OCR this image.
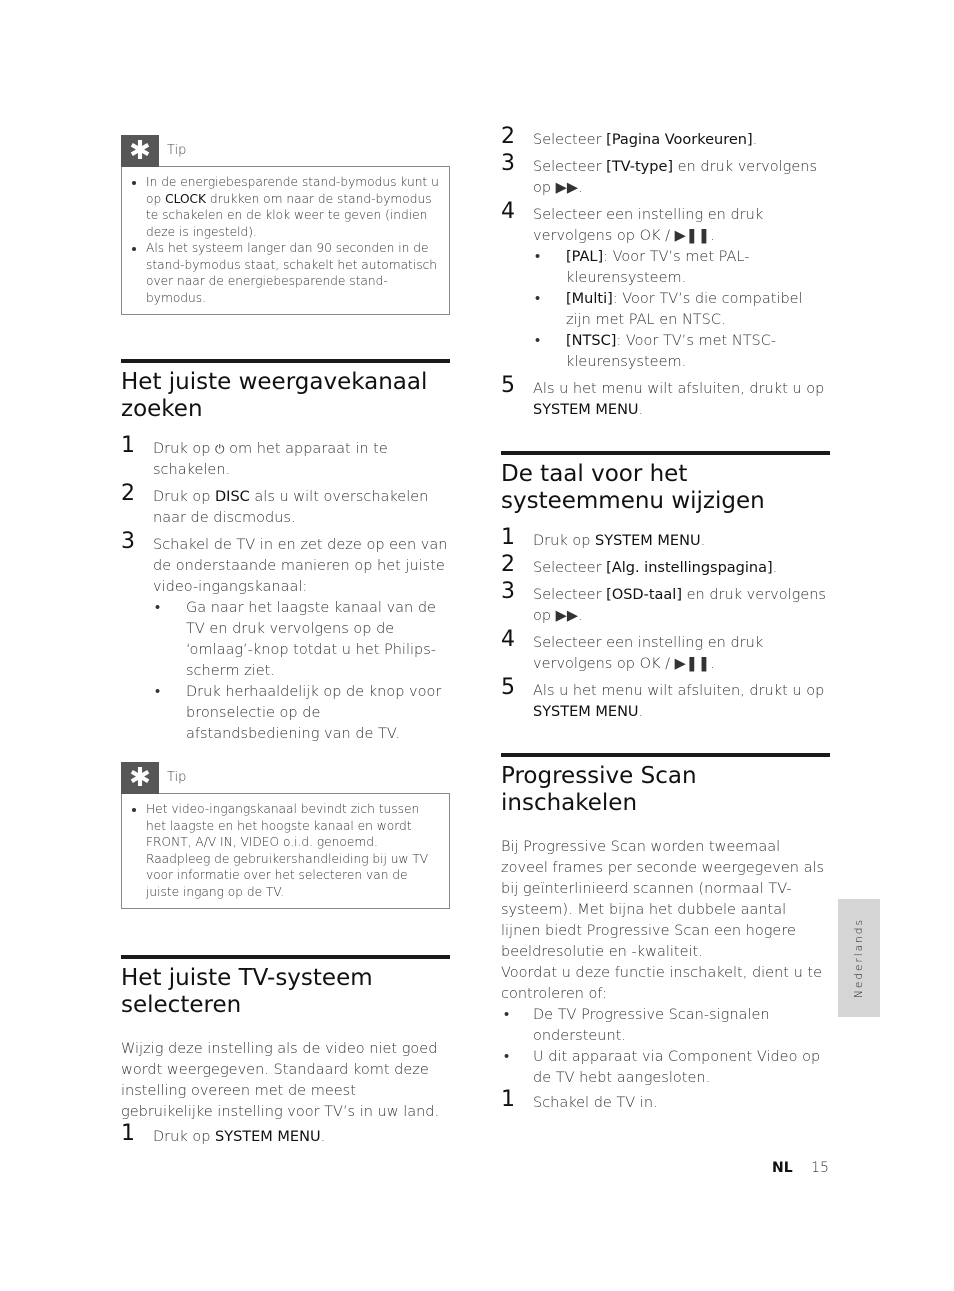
✱	Tip
• In de energiebesparende stand-bymodus kunt u op CLOCK drukken om naar de stand-bymodus te schakelen en de klok weer te geven (indien deze is ingesteld).
• Als het systeem langer dan 90 seconden in de stand-bymodus staat, schakelt het automatisch over naar de energiebesparende stand-bymodus.
Het juiste weergavekanaal zoeken
1 Druk op ⏻ om het apparaat in te schakelen.
2 Druk op DISC als u wilt overschakelen naar de discmodus.
3 Schakel de TV in en zet deze op een van de onderstaande manieren op het juiste video-ingangskanaal:
• Ga naar het laagste kanaal van de TV en druk vervolgens op de ‘omlaag’-knop totdat u het Philips-scherm ziet.
• Druk herhaaldelijk op de knop voor bronselectie op de afstandsbediening van de TV.
✱	Tip
• Het video-ingangskanaal bevindt zich tussen het laagste en het hoogste kanaal en wordt FRONT, A/V IN, VIDEO o.i.d. genoemd. Raadpleeg de gebruikershandleiding bij uw TV voor informatie over het selecteren van de juiste ingang op de TV.
Het juiste TV-systeem selecteren

Wijzig deze instelling als de video niet goed wordt weergegeven. Standaard komt deze instelling overeen met de meest gebruikelijke instelling voor TV’s in uw land.

1 Druk op SYSTEM MENU.
2 Selecteer [Pagina Voorkeuren].
3 Selecteer [TV-type] en druk vervolgens op ▶▶.
4 Selecteer een instelling en druk vervolgens op OK / ▶❚❚.
• [PAL]: Voor TV’s met PAL-kleurensysteem.
• [Multi]: Voor TV’s die compatibel zijn met PAL en NTSC.
• [NTSC]: Voor TV’s met NTSC-kleurensysteem.
5 Als u het menu wilt afsluiten, drukt u op SYSTEM MENU.
De taal voor het systeemmenu wijzigen
1 Druk op SYSTEM MENU.
2 Selecteer [Alg. instellingspagina].
3 Selecteer [OSD-taal] en druk vervolgens op ▶▶.
4 Selecteer een instelling en druk vervolgens op OK / ▶❚❚.
5 Als u het menu wilt afsluiten, drukt u op SYSTEM MENU.
Progressive Scan inschakelen

Bij Progressive Scan worden tweemaal zoveel frames per seconde weergegeven als bij geïnterlinieerd scannen (normaal TV-systeem). Met bijna het dubbele aantal lijnen biedt Progressive Scan een hogere beeldresolutie en -kwaliteit.

Voordat u deze functie inschakelt, dient u te controleren of:

• De TV Progressive Scan-signalen ondersteunt.
• U dit apparaat via Component Video op de TV hebt aangesloten.
1 Schakel de TV in.
Nederlands
NL 15
